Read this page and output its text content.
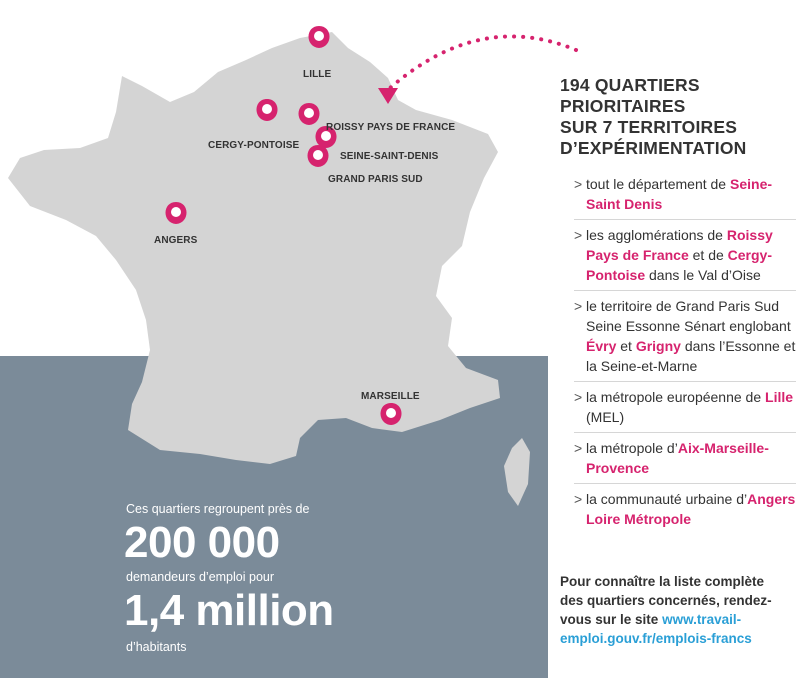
LILLE
ROISSY PAYS DE FRANCE
CERGY-PONTOISE
SEINE-SAINT-DENIS
GRAND PARIS SUD
ANGERS
MARSEILLE
Ces quartiers regroupent près de
200 000
demandeurs d’emploi pour
1,4 million
d’habitants
194 QUARTIERS
PRIORITAIRES
SUR 7 TERRITOIRES
D’EXPÉRIMENTATION
> tout le département de Seine-Saint Denis
> les agglomérations de Roissy Pays de France et de Cergy-Pontoise dans le Val d’Oise
> le territoire de Grand Paris Sud Seine Essonne Sénart englobant Évry et Grigny dans l’Essonne et la Seine-et-Marne
> la métropole européenne de Lille (MEL)
> la métropole d’Aix-Marseille-Provence
> la communauté urbaine d’Angers Loire Métropole
Pour connaître la liste complète des quartiers concernés, rendez-vous sur le site www.travail-emploi.gouv.fr/emplois-francs
